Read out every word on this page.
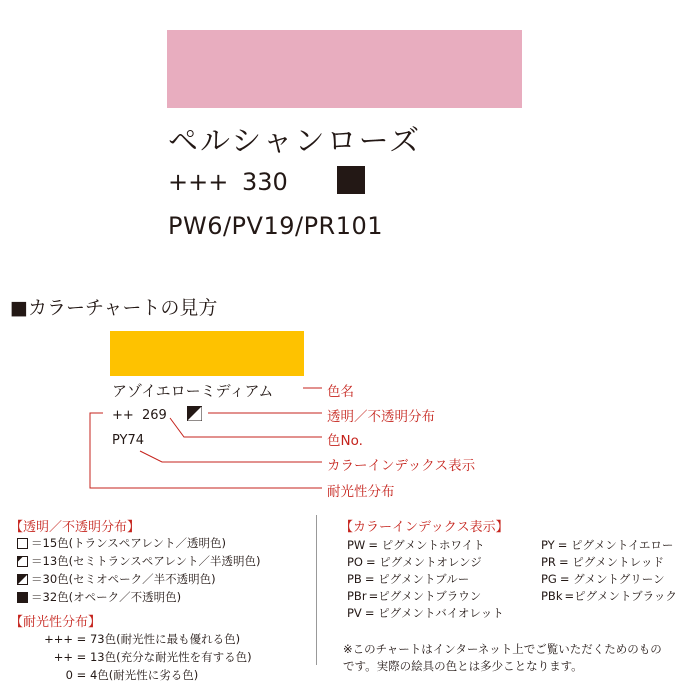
ペルシャンローズ
+++ 330
PW6/PV19/PR101
■カラーチャートの見方
アゾイエローミディアム
++ 269
PY74
色名
透明／不透明分布
色No.
カラーインデックス表示
耐光性分布
【透明／不透明分布】
＝15色(トランスペアレント／透明色)
＝13色(セミトランスペアレント／半透明色)
＝30色(セミオペーク／半不透明色)
＝32色(オペーク／不透明色)
【耐光性分布】
+++ = 73色(耐光性に最も優れる色)
++ = 13色(充分な耐光性を有する色)
0 = 4色(耐光性に劣る色)
【カラーインデックス表示】
PW = ピグメントホワイト
PO = ピグメントオレンジ
PB = ピグメントブルー
PBr =ピグメントブラウン
PV = ピグメントバイオレット
PY = ピグメントイエロー
PR = ピグメントレッド
PG = グメントグリーン
PBk =ピグメントブラック
※このチャートはインターネット上でご覧いただくためのもの
です。実際の絵具の色とは多少ことなります。
